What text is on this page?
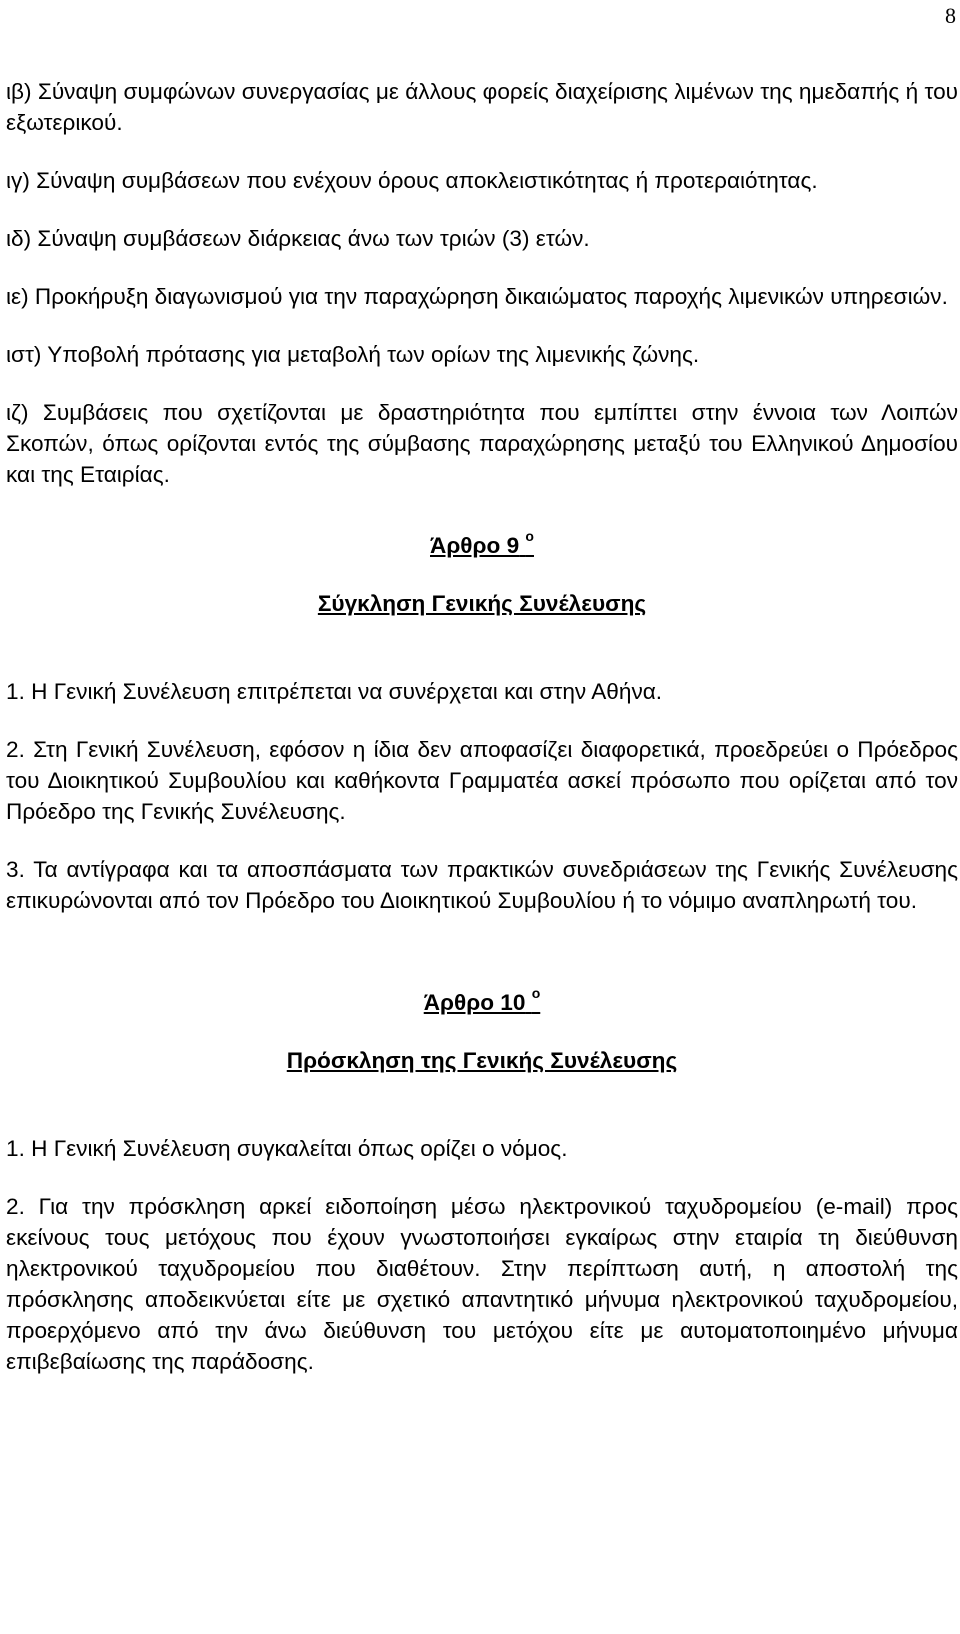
8

ιβ) Σύναψη συμφώνων συνεργασίας με άλλους φορείς διαχείρισης λιμένων της ημεδαπής ή του εξωτερικού.

ιγ) Σύναψη συμβάσεων που ενέχουν όρους αποκλειστικότητας ή προτεραιότητας.

ιδ) Σύναψη συμβάσεων διάρκειας άνω των τριών (3) ετών.

ιε) Προκήρυξη διαγωνισμού για την παραχώρηση δικαιώματος παροχής λιμενικών υπηρεσιών.

ιστ) Υποβολή πρότασης για μεταβολή των ορίων της λιμενικής ζώνης.

ιζ) Συμβάσεις που σχετίζονται με δραστηριότητα που εμπίπτει στην έννοια των Λοιπών Σκοπών, όπως ορίζονται εντός της σύμβασης παραχώρησης μεταξύ του Ελληνικού Δημοσίου και της Εταιρίας.

Άρθρο 9 $^o$

Σύγκληση Γενικής Συνέλευσης

1. Η Γενική Συνέλευση επιτρέπεται να συνέρχεται και στην Αθήνα.

2. Στη Γενική Συνέλευση, εφόσον η ίδια δεν αποφασίζει διαφορετικά, προεδρεύει ο Πρόεδρος του Διοικητικού Συμβουλίου και καθήκοντα Γραμματέα ασκεί πρόσωπο που ορίζεται από τον Πρόεδρο της Γενικής Συνέλευσης.

3. Τα αντίγραφα και τα αποσπάσματα των πρακτικών συνεδριάσεων της Γενικής Συνέλευσης επικυρώνονται από τον Πρόεδρο του Διοικητικού Συμβουλίου ή το νόμιμο αναπληρωτή του.

Άρθρο 10 $^o$

Πρόσκληση της Γενικής Συνέλευσης

1. Η Γενική Συνέλευση συγκαλείται όπως ορίζει ο νόμος.

2. Για την πρόσκληση αρκεί ειδοποίηση μέσω ηλεκτρονικού ταχυδρομείου (e-mail) προς εκείνους τους μετόχους που έχουν γνωστοποιήσει εγκαίρως στην εταιρία τη διεύθυνση ηλεκτρονικού ταχυδρομείου που διαθέτουν. Στην περίπτωση αυτή, η αποστολή της πρόσκλησης αποδεικνύεται είτε με σχετικό απαντητικό μήνυμα ηλεκτρονικού ταχυδρομείου, προερχόμενο από την άνω διεύθυνση του μετόχου είτε με αυτοματοποιημένο μήνυμα επιβεβαίωσης της παράδοσης.
